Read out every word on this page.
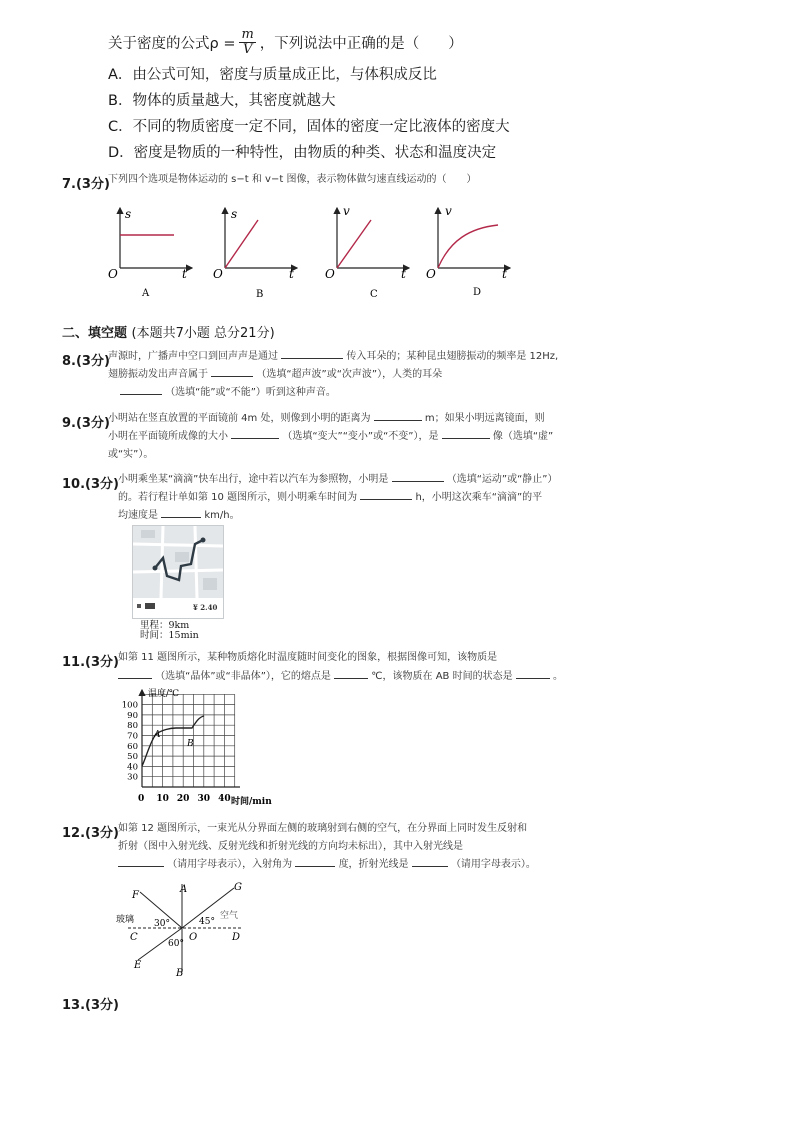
关于密度的公式$\rho = \frac{m}{V}$ ，下列说法中正确的是（　　）
A．由公式可知，密度与质量成正比，与体积成反比
B．物体的质量越大，其密度就越大
C．不同的物质密度一定不同，固体的密度一定比液体的密度大
D．密度是物质的一种特性，由物质的种类、状态和温度决定
7.(3分)
下列四个选项是物体运动的 s−t 和 v−t 图像，表示物体做匀速直线运动的（　　）
s
t
O
A
s
t
O
B
v
t
O
C
v
t
O
D
二、填空题 (本题共7小题 总分21分)
8.(3分)
声源时，广播声中空口到回声声是通过	传入耳朵的；某种昆虫翅膀振动的频率是 12Hz,
翅膀振动发出声音属于	（选填“超声波”或“次声波”），人类的耳朵
（选填“能”或“不能”）听到这种声音。
9.(3分)
小明站在竖直放置的平面镜前 4m 处，则像到小明的距离为	m；如果小明远离镜面，则
小明在平面镜所成像的大小	（选填“变大”“变小”或“不变”），是	像（选填“虚”
或“实”）。
10.(3分) 小明乘坐某“滴滴”快车出行，途中若以汽车为参照物，小明是	（选填“运动”或“静止”）
的。若行程计单如第 10 题图所示，则小明乘车时间为	h，小明这次乘车“滴滴”的平
均速度是	km/h。
¥ 2.40
里程：9km
时间：15min
11.(3分) 如第 11 题图所示，某种物质熔化时温度随时间变化的图象，根据图像可知，该物质是
（选填“晶体”或“非晶体”），它的熔点是	℃，该物质在 AB 时间的状态是	。
温度/℃
时间/min
0
100
90
80
70
60
50
40
30
10 20 30 40
A
B
12.(3分) 如第 12 题图所示，一束光从分界面左侧的玻璃射到右侧的空气，在分界面上同时发生反射和
折射（图中入射光线、反射光线和折射光线的方向均未标出），其中入射光线是
（请用字母表示），入射角为	度，折射光线是	（请用字母表示）。
A
B
C	D
E
F
G
O
玻璃	空气
30°
60°
45°
13.(3分)
